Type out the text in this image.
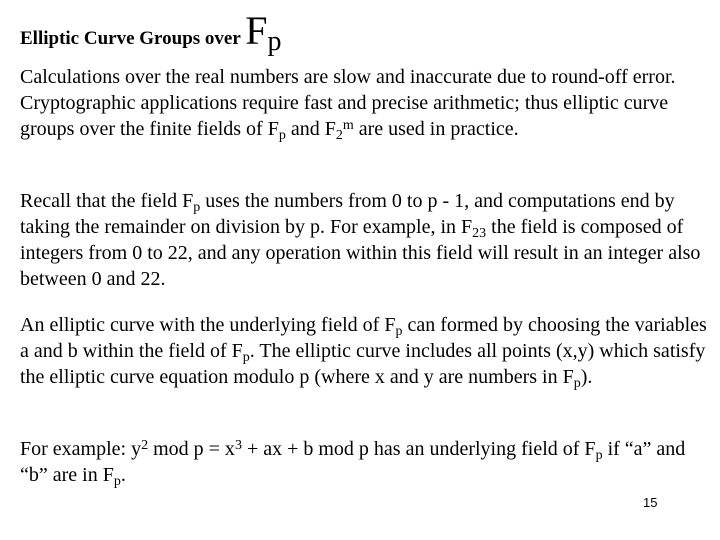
Elliptic Curve Groups over $F_p$

Calculations over the real numbers are slow and inaccurate due to round-off error. Cryptographic applications require fast and precise arithmetic; thus elliptic curve groups over the finite fields of $F_p$ and $F_2^m$ are used in practice.

Recall that the field $F_p$ uses the numbers from 0 to p - 1, and computations end by taking the remainder on division by p. For example, in $F_{23}$ the field is composed of integers from 0 to 22, and any operation within this field will result in an integer also between 0 and 22.

An elliptic curve with the underlying field of $F_p$ can formed by choosing the variables a and b within the field of $F_p$. The elliptic curve includes all points (x,y) which satisfy the elliptic curve equation modulo p (where x and y are numbers in $F_p$).

For example: $y^2$ mod $p = x^3$ + ax + b mod p has an underlying field of $F_p$ if “a” and “b” are in $F_p$.

15
